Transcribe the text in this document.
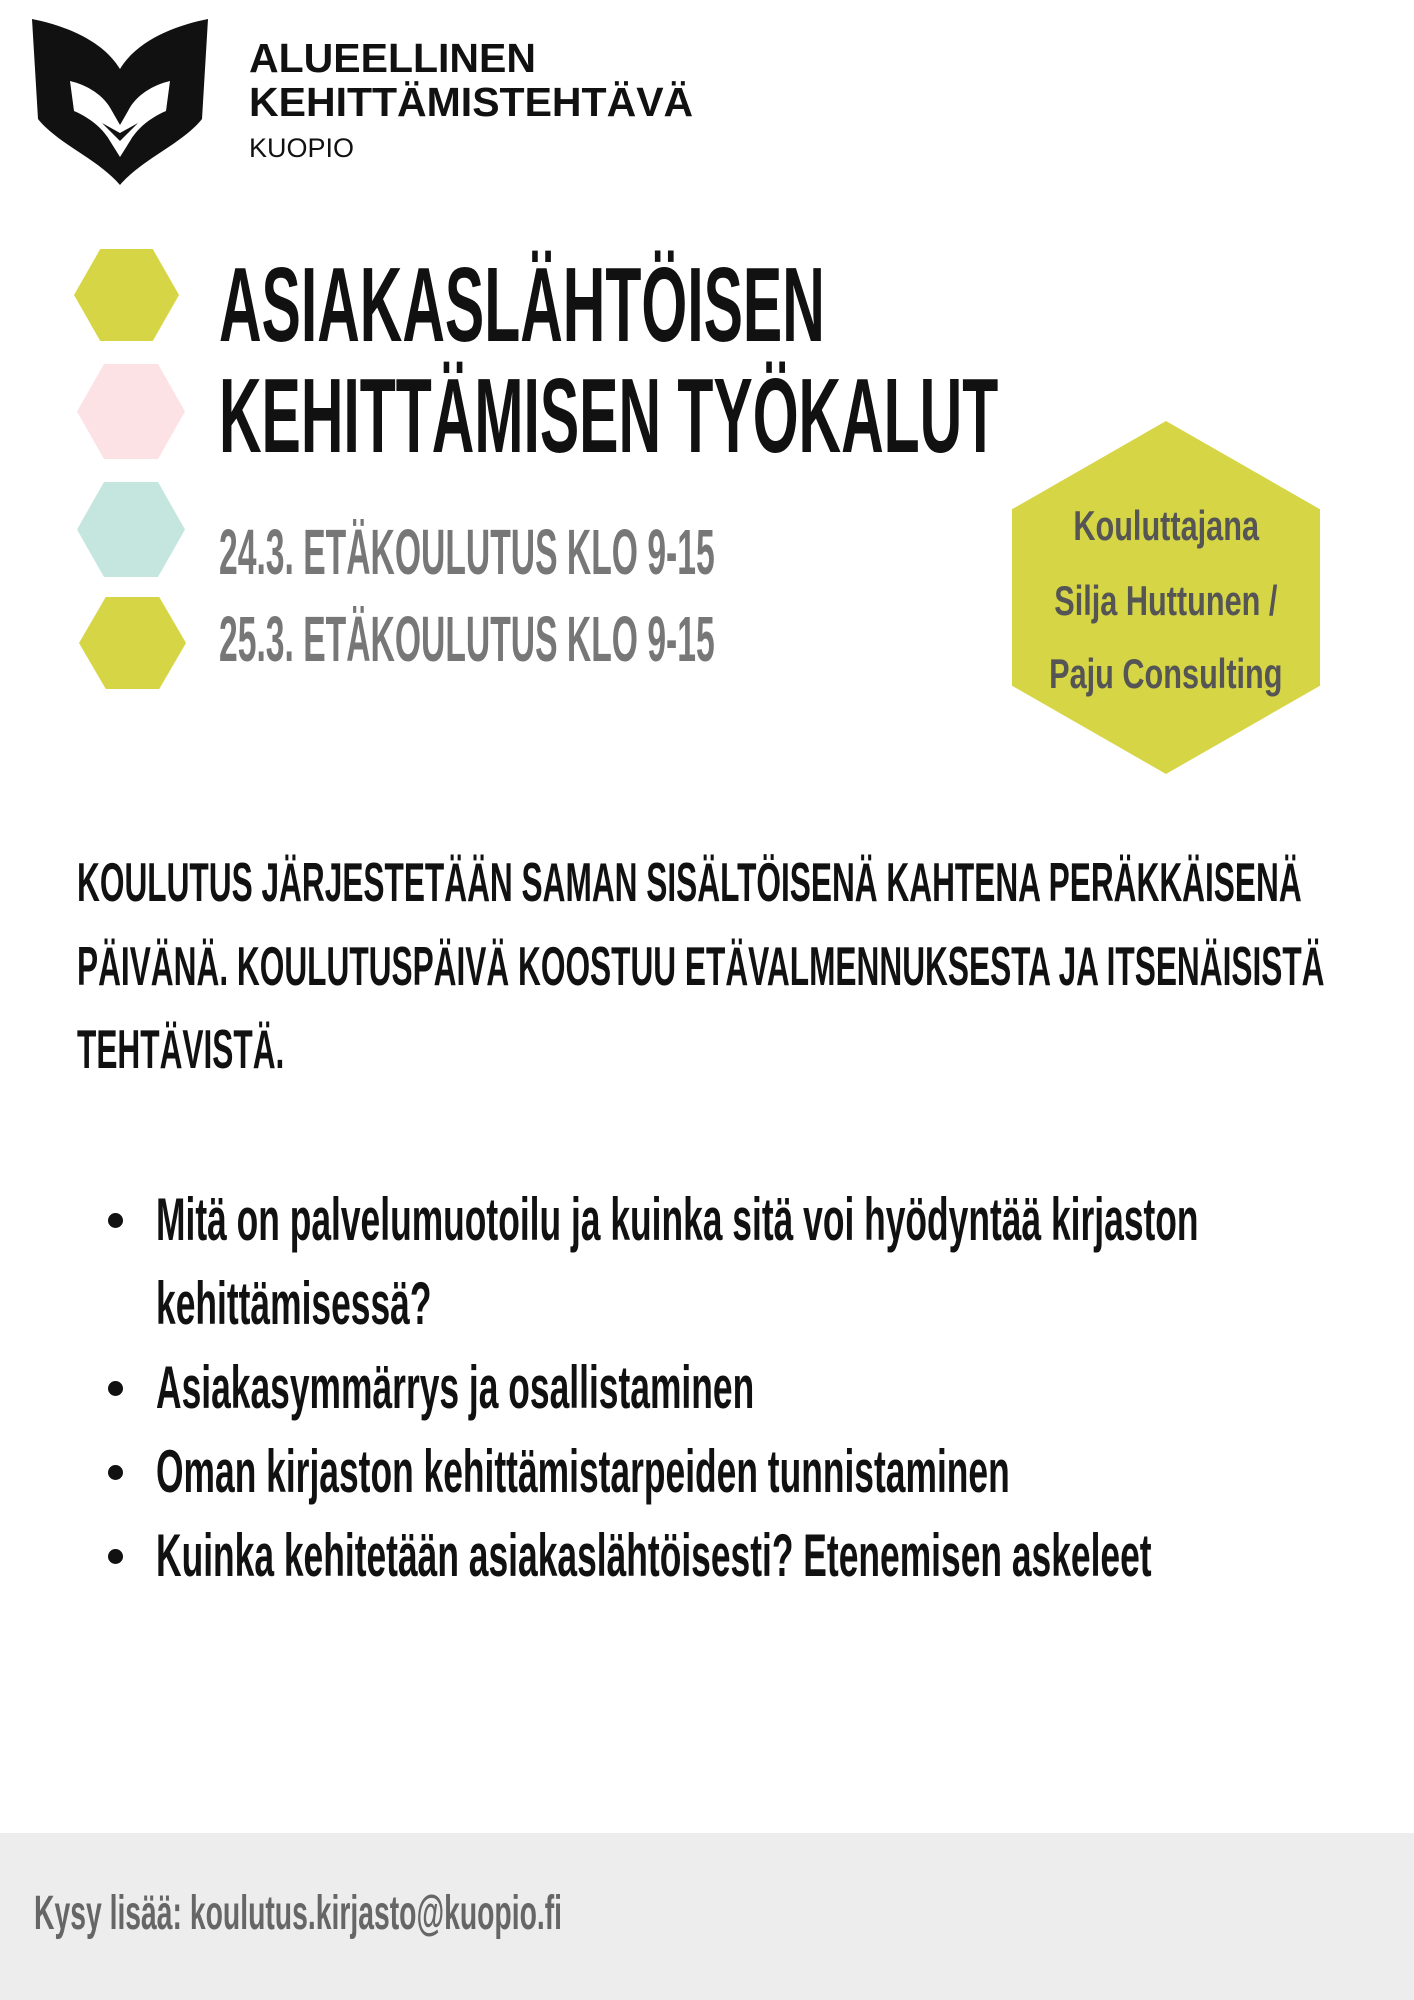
ALUEELLINEN
KEHITTÄMISTEHTÄVÄ
KUOPIO
ASIAKASLÄHTÖISEN
KEHITTÄMISEN TYÖKALUT
24.3. ETÄKOULUTUS KLO 9-15
25.3. ETÄKOULUTUS KLO 9-15
Kouluttajana
Silja Huttunen /
Paju Consulting

KOULUTUS JÄRJESTETÄÄN SAMAN SISÄLTÖISENÄ KAHTENA PERÄKKÄISENÄ PÄIVÄNÄ. KOULUTUSPÄIVÄ KOOSTUU ETÄVALMENNUKSESTA JA ITSENÄISISTÄ TEHTÄVISTÄ.

Mitä on palvelumuotoilu ja kuinka sitä voi hyödyntää kirjaston kehittämisessä?
Asiakasymmärrys ja osallistaminen
Oman kirjaston kehittämistarpeiden tunnistaminen
Kuinka kehitetään asiakaslähtöisesti? Etenemisen askeleet
Kysy lisää: koulutus.kirjasto@kuopio.fi
